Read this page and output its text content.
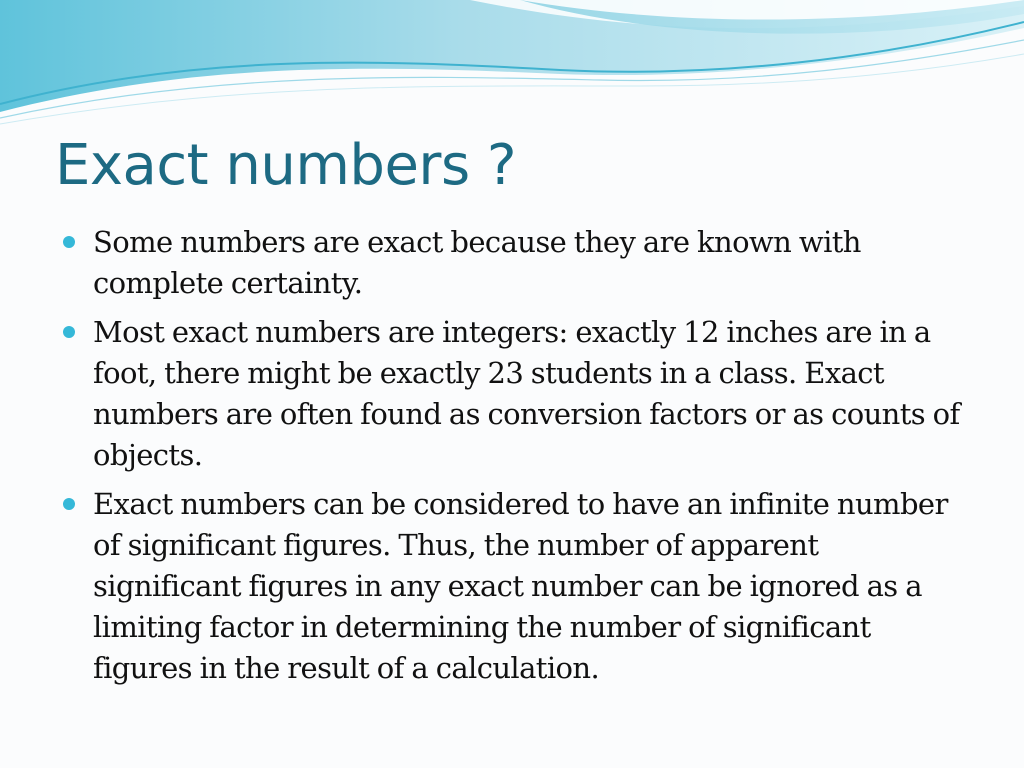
Exact numbers ?
Some numbers are exact because they are known with complete certainty.
Most exact numbers are integers: exactly 12 inches are in a foot, there might be exactly 23 students in a class. Exact numbers are often found as conversion factors or as counts of objects.
Exact numbers can be considered to have an infinite number of significant figures. Thus, the number of apparent significant figures in any exact number can be ignored as a limiting factor in determining the number of significant figures in the result of a calculation.
